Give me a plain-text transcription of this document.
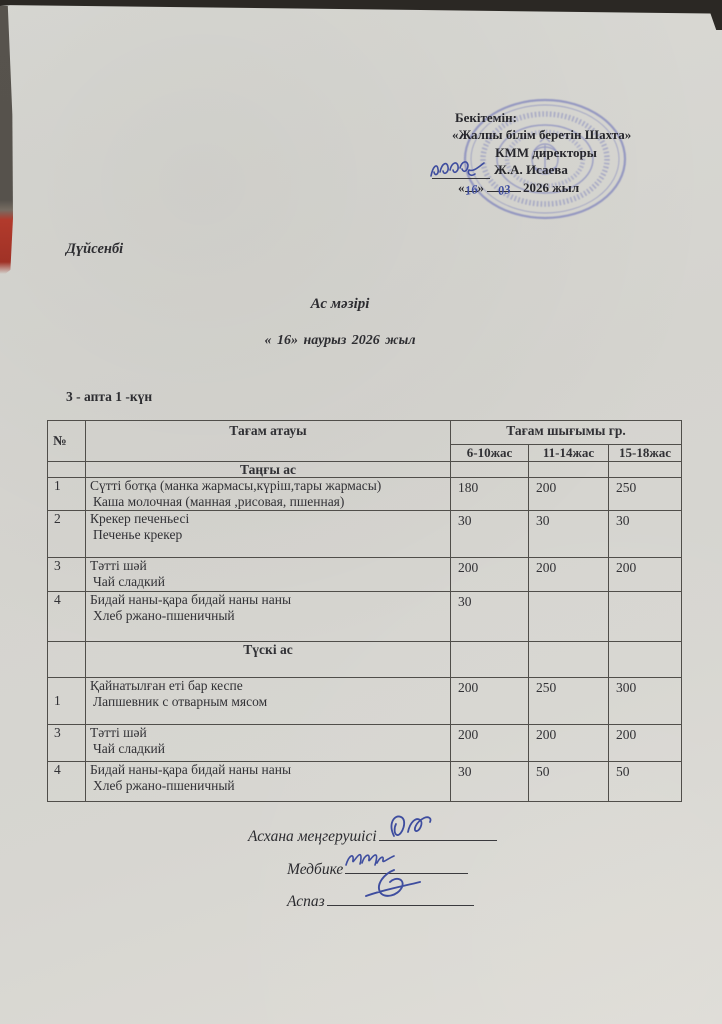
Бекітемін:
«Жалпы білім беретін Шахта»
КММ директоры
Ж.А. Исаева
«16» 03 2026 жыл
Дүйсенбі
Ас мәзірі
« 16» наурыз 2026 жыл
3 - апта 1 -күн
№	Тағам атауы	Тағам шығымы гр.		
		6-10жас	11-14жас	15-18жас
	Таңғы ас			
1	Сүтті ботқа (манка жармасы,күріш,тары жармасы)
Каша молочная (манная ,рисовая, пшенная)	180	200	250
2	Крекер печеньесі
Печенье крекер	30	30	30
3	Тәтті шәй
Чай сладкий	200	200	200
4	Бидай наны-қара бидай наны наны
Хлеб ржано-пшеничный	30		
	Түскі ас			
1	Қайнатылған еті бар кеспе
Лапшевник с отварным мясом	200	250	300
3	Тәтті шәй
Чай сладкий	200	200	200
4	Бидай наны-қара бидай наны наны
Хлеб ржано-пшеничный	30	50	50
Асхана меңгерушісі
Медбике
Аспаз
